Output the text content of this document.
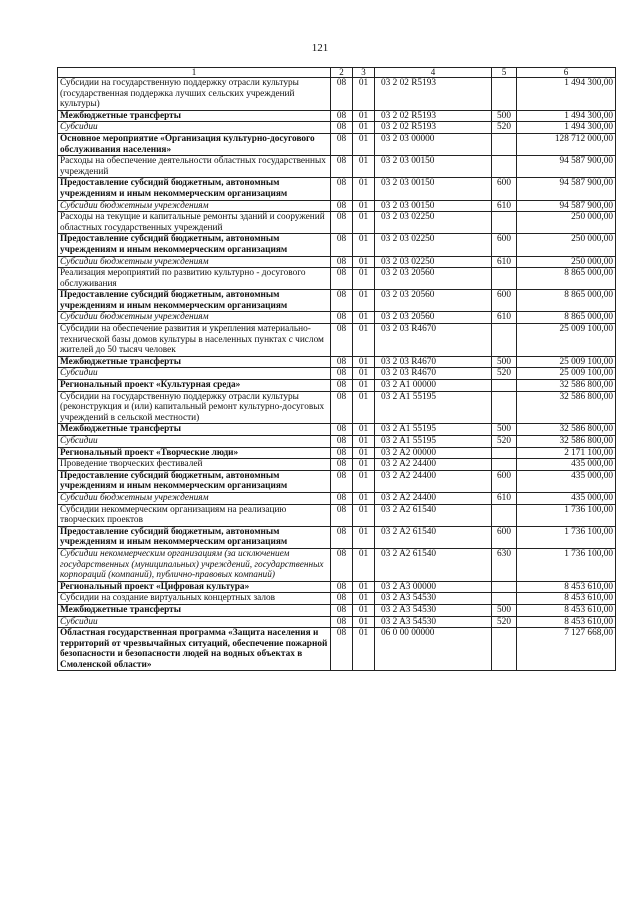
121
1	2	3	4	5	6
Субсидии на государственную поддержку отрасли культуры (государственная поддержка лучших сельских учреждений культуры)	08	01	03 2 02 R5193		1 494 300,00
Межбюджетные трансферты	08	01	03 2 02 R5193	500	1 494 300,00
Субсидии	08	01	03 2 02 R5193	520	1 494 300,00
Основное мероприятие «Организация культурно-досугового обслуживания населения»	08	01	03 2 03 00000		128 712 000,00
Расходы на обеспечение деятельности областных государственных учреждений	08	01	03 2 03 00150		94 587 900,00
Предоставление субсидий бюджетным, автономным учреждениям и иным некоммерческим организациям	08	01	03 2 03 00150	600	94 587 900,00
Субсидии бюджетным учреждениям	08	01	03 2 03 00150	610	94 587 900,00
Расходы на текущие и капитальные ремонты зданий и сооружений областных государственных учреждений	08	01	03 2 03 02250		250 000,00
Предоставление субсидий бюджетным, автономным учреждениям и иным некоммерческим организациям	08	01	03 2 03 02250	600	250 000,00
Субсидии бюджетным учреждениям	08	01	03 2 03 02250	610	250 000,00
Реализация мероприятий по развитию культурно - досугового обслуживания	08	01	03 2 03 20560		8 865 000,00
Предоставление субсидий бюджетным, автономным учреждениям и иным некоммерческим организациям	08	01	03 2 03 20560	600	8 865 000,00
Субсидии бюджетным учреждениям	08	01	03 2 03 20560	610	8 865 000,00
Субсидии на обеспечение развития и укрепления материально-технической базы домов культуры в населенных пунктах с числом жителей до 50 тысяч человек	08	01	03 2 03 R4670		25 009 100,00
Межбюджетные трансферты	08	01	03 2 03 R4670	500	25 009 100,00
Субсидии	08	01	03 2 03 R4670	520	25 009 100,00
Региональный проект «Культурная среда»	08	01	03 2 A1 00000		32 586 800,00
Субсидии на государственную поддержку отрасли культуры (реконструкция и (или) капитальный ремонт культурно-досуговых учреждений в сельской местности)	08	01	03 2 A1 55195		32 586 800,00
Межбюджетные трансферты	08	01	03 2 A1 55195	500	32 586 800,00
Субсидии	08	01	03 2 A1 55195	520	32 586 800,00
Региональный проект «Творческие люди»	08	01	03 2 A2 00000		2 171 100,00
Проведение творческих фестивалей	08	01	03 2 A2 24400		435 000,00
Предоставление субсидий бюджетным, автономным учреждениям и иным некоммерческим организациям	08	01	03 2 A2 24400	600	435 000,00
Субсидии бюджетным учреждениям	08	01	03 2 A2 24400	610	435 000,00
Субсидии некоммерческим организациям на реализацию творческих проектов	08	01	03 2 A2 61540		1 736 100,00
Предоставление субсидий бюджетным, автономным учреждениям и иным некоммерческим организациям	08	01	03 2 A2 61540	600	1 736 100,00
Субсидии некоммерческим организациям (за исключением государственных (муниципальных) учреждений, государственных корпораций (компаний), публично-правовых компаний)	08	01	03 2 A2 61540	630	1 736 100,00
Региональный проект «Цифровая культура»	08	01	03 2 A3 00000		8 453 610,00
Субсидии на создание виртуальных концертных залов	08	01	03 2 A3 54530		8 453 610,00
Межбюджетные трансферты	08	01	03 2 A3 54530	500	8 453 610,00
Субсидии	08	01	03 2 A3 54530	520	8 453 610,00
Областная государственная программа «Защита населения и территорий от чрезвычайных ситуаций, обеспечение пожарной безопасности и безопасности людей на водных объектах в Смоленской области»	08	01	06 0 00 00000		7 127 668,00
